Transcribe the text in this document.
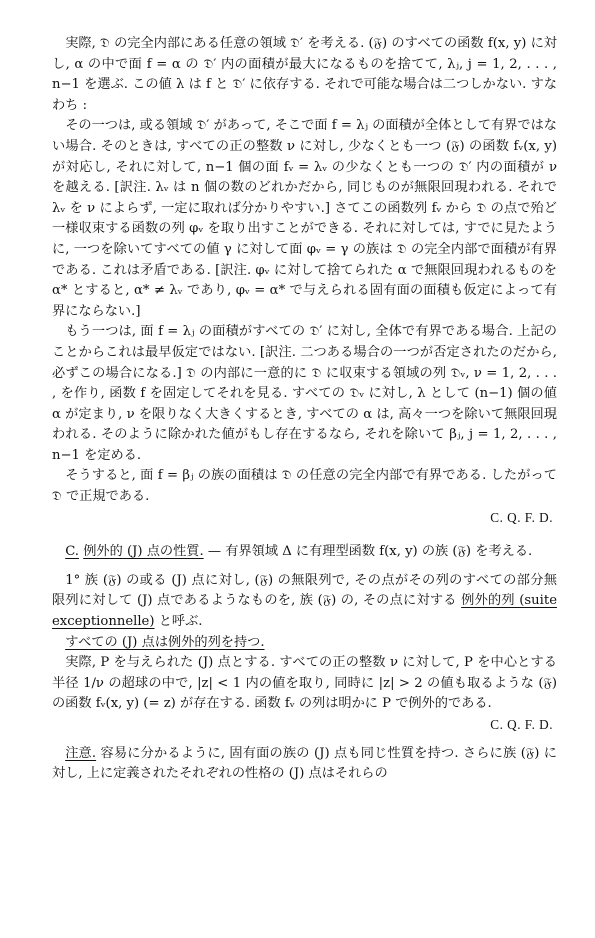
実際, 𝔇 の完全内部にある任意の領域 𝔇′ を考える. (𝔉) のすべての函数 f(x, y) に対し, α の中で面 f = α の 𝔇′ 内の面積が最大になるものを捨てて, λⱼ, j = 1, 2, . . . , n−1 を選ぶ. この値 λ は f と 𝔇′ に依存する. それで可能な場合は二つしかない. すなわち :

その一つは, 或る領域 𝔇′ があって, そこで面 f = λⱼ の面積が全体として有界ではない場合. そのときは, すべての正の整数 ν に対し, 少なくとも一つ (𝔉) の函数 fᵥ(x, y) が対応し, それに対して, n−1 個の面 fᵥ = λᵥ の少なくとも一つの 𝔇′ 内の面積が ν を越える. [訳注. λᵥ は n 個の数のどれかだから, 同じものが無限回現われる. それで λᵥ を ν によらず, 一定に取れば分かりやすい.] さてこの函数列 fᵥ から 𝔇 の点で殆ど一様収束する函数の列 φᵥ を取り出すことができる. それに対しては, すでに見たように, 一つを除いてすべての値 γ に対して面 φᵥ = γ の族は 𝔇 の完全内部で面積が有界である. これは矛盾である. [訳注. φᵥ に対して捨てられた α で無限回現われるものを α* とすると, α* ≠ λᵥ であり, φᵥ = α* で与えられる固有面の面積も仮定によって有界にならない.]

もう一つは, 面 f = λⱼ の面積がすべての 𝔇′ に対し, 全体で有界である場合. 上記のことからこれは最早仮定ではない. [訳注. 二つある場合の一つが否定されたのだから, 必ずこの場合になる.] 𝔇 の内部に一意的に 𝔇 に収束する領域の列 𝔇ᵥ, ν = 1, 2, . . . , を作り, 函数 f を固定してそれを見る. すべての 𝔇ᵥ に対し, λ として (n−1) 個の値 α が定まり, ν を限りなく大きくするとき, すべての α は, 高々一つを除いて無限回現われる. そのように除かれた値がもし存在するなら, それを除いて βⱼ, j = 1, 2, . . . , n−1 を定める.

そうすると, 面 f = βⱼ の族の面積は 𝔇 の任意の完全内部で有界である. したがって 𝔇 で正規である.
C. Q. F. D.

C. 例外的 (J) 点の性質. — 有界領域 Δ に有理型函数 f(x, y) の族 (𝔉) を考える.

1° 族 (𝔉) の或る (J) 点に対し, (𝔉) の無限列で, その点がその列のすべての部分無限列に対して (J) 点であるようなものを, 族 (𝔉) の, その点に対する 例外的列 (suite exceptionnelle) と呼ぶ.

すべての (J) 点は例外的列を持つ.

実際, P を与えられた (J) 点とする. すべての正の整数 ν に対して, P を中心とする半径 1/ν の超球の中で, |z| < 1 内の値を取り, 同時に |z| > 2 の値も取るような (𝔉) の函数 fᵥ(x, y) (= z) が存在する. 函数 fᵥ の列は明かに P で例外的である.

C. Q. F. D.

注意. 容易に分かるように, 固有面の族の (J) 点も同じ性質を持つ. さらに族 (𝔉) に対し, 上に定義されたそれぞれの性格の (J) 点はそれらの
